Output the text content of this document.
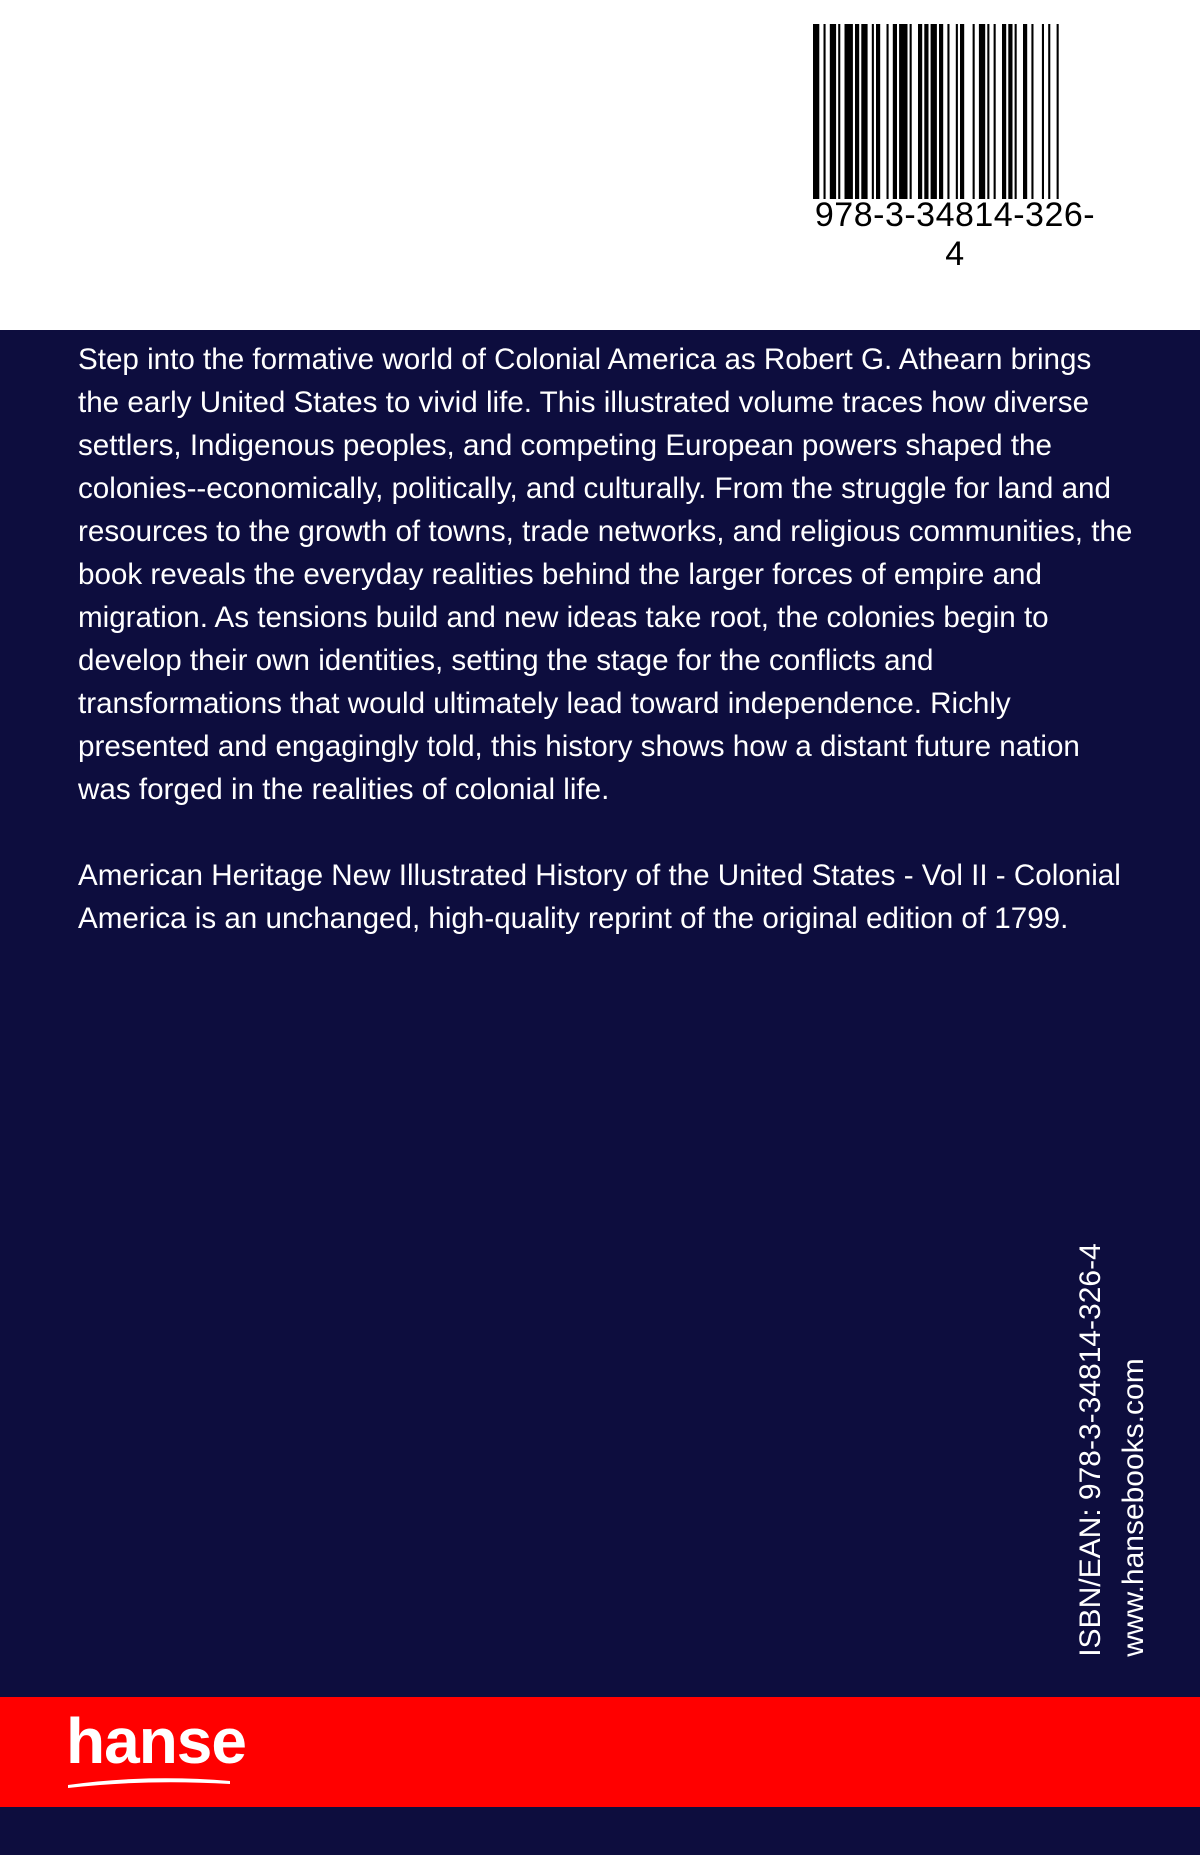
978-3-34814-326-4

Step into the formative world of Colonial America as Robert G. Athearn brings the early United States to vivid life. This illustrated volume traces how diverse settlers, Indigenous peoples, and competing European powers shaped the colonies--economically, politically, and culturally. From the struggle for land and resources to the growth of towns, trade networks, and religious communities, the book reveals the everyday realities behind the larger forces of empire and migration. As tensions build and new ideas take root, the colonies begin to develop their own identities, setting the stage for the conflicts and transformations that would ultimately lead toward independence. Richly presented and engagingly told, this history shows how a distant future nation was forged in the realities of colonial life.

American Heritage New Illustrated History of the United States - Vol II - Colonial America is an unchanged, high-quality reprint of the original edition of 1799.

ISBN/EAN: 978-3-34814-326-4 www.hansebooks.com
hanse
